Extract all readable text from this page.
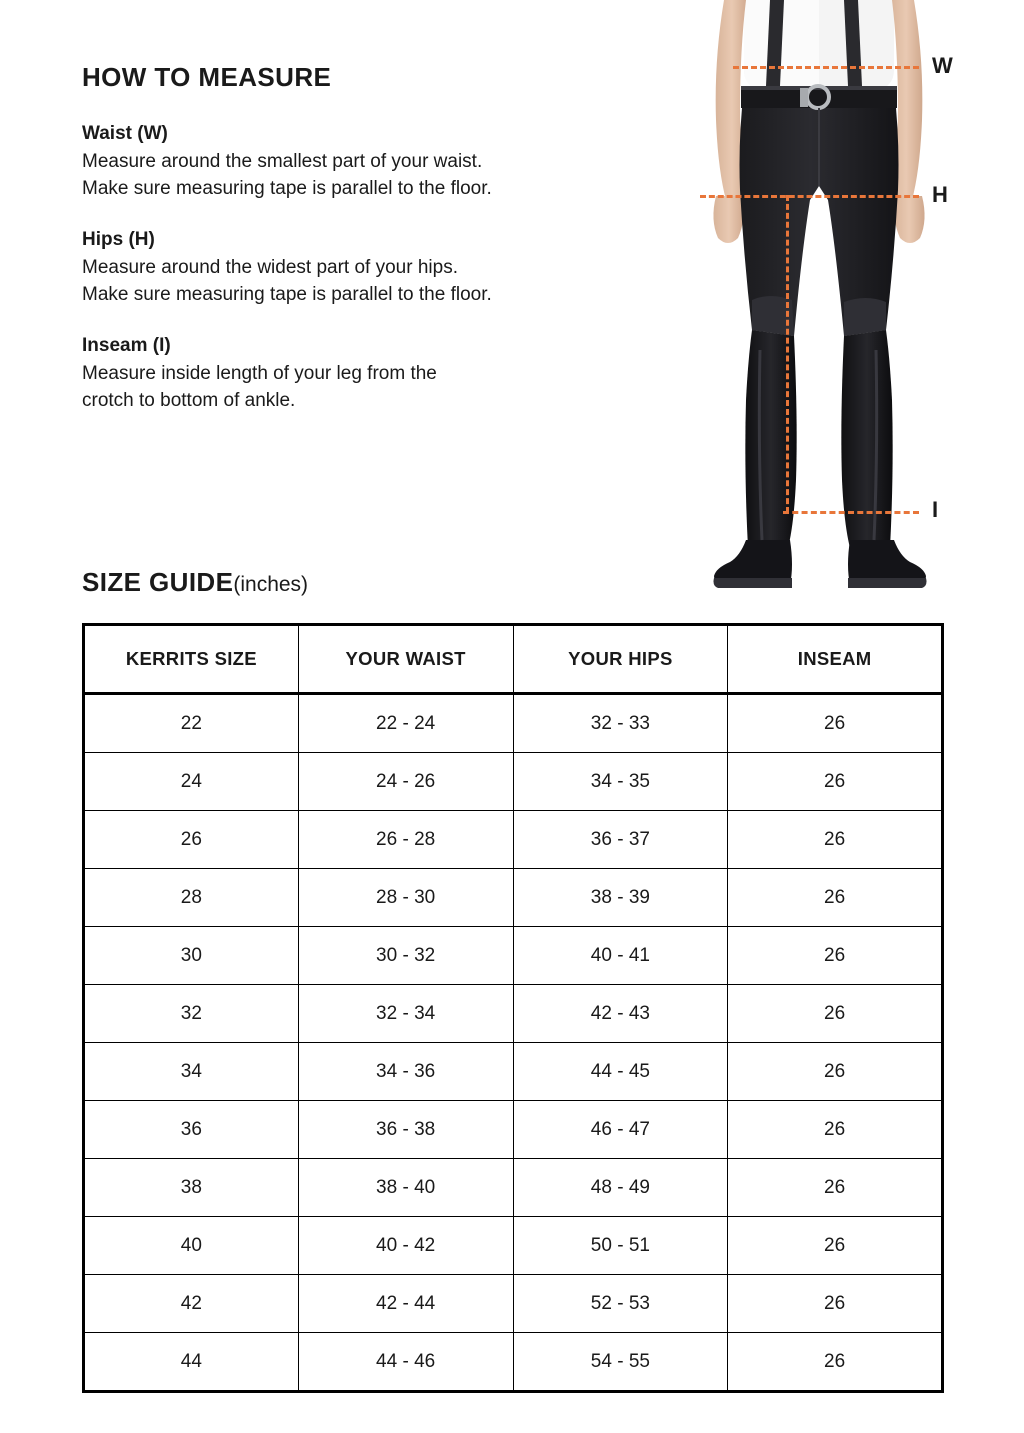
HOW TO MEASURE
Waist (W)

Measure around the smallest part of your waist.

Make sure measuring tape is parallel to the floor.

Hips (H)

Measure around the widest part of your hips.

Make sure measuring tape is parallel to the floor.

Inseam (I)

Measure inside length of your leg from the

crotch to bottom of ankle.

W
H
I
SIZE GUIDE(inches)
KERRITS SIZE	YOUR WAIST	YOUR HIPS	INSEAM
22	22 - 24	32 - 33	26
24	24 - 26	34 - 35	26
26	26 - 28	36 - 37	26
28	28 - 30	38 - 39	26
30	30 - 32	40 - 41	26
32	32 - 34	42 - 43	26
34	34 - 36	44 - 45	26
36	36 - 38	46 - 47	26
38	38 - 40	48 - 49	26
40	40 - 42	50 - 51	26
42	42 - 44	52 - 53	26
44	44 - 46	54 - 55	26
